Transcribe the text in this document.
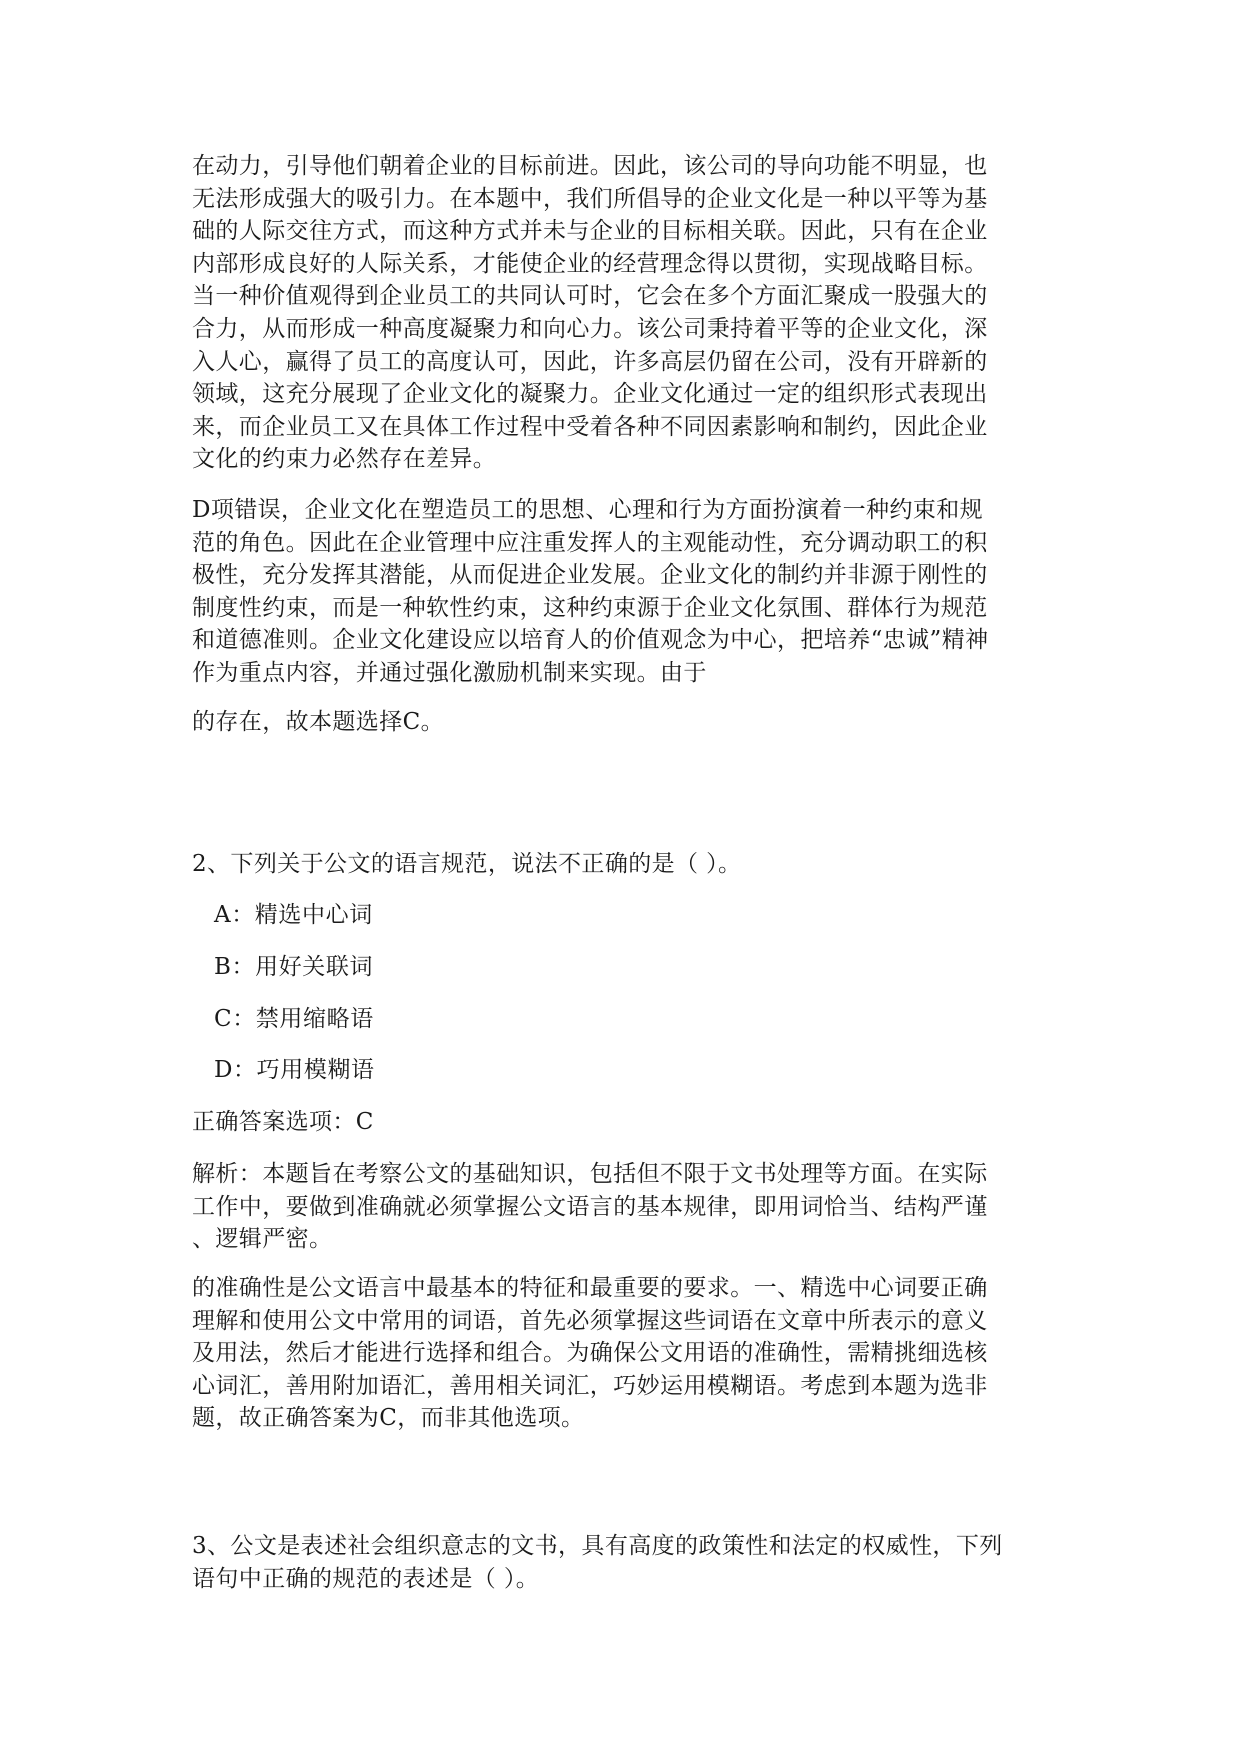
在动力，引导他们朝着企业的目标前进。因此，该公司的导向功能不明显，也
无法形成强大的吸引力。在本题中，我们所倡导的企业文化是一种以平等为基
础的人际交往方式，而这种方式并未与企业的目标相关联。因此，只有在企业
内部形成良好的人际关系，才能使企业的经营理念得以贯彻，实现战略目标。
当一种价值观得到企业员工的共同认可时，它会在多个方面汇聚成一股强大的
合力，从而形成一种高度凝聚力和向心力。该公司秉持着平等的企业文化，深
入人心，赢得了员工的高度认可，因此，许多高层仍留在公司，没有开辟新的
领域，这充分展现了企业文化的凝聚力。企业文化通过一定的组织形式表现出
来，而企业员工又在具体工作过程中受着各种不同因素影响和制约，因此企业
文化的约束力必然存在差异。
D项错误，企业文化在塑造员工的思想、心理和行为方面扮演着一种约束和规
范的角色。因此在企业管理中应注重发挥人的主观能动性，充分调动职工的积
极性，充分发挥其潜能，从而促进企业发展。企业文化的制约并非源于刚性的
制度性约束，而是一种软性约束，这种约束源于企业文化氛围、群体行为规范
和道德准则。企业文化建设应以培育人的价值观念为中心，把培养“忠诚”精神
作为重点内容，并通过强化激励机制来实现。由于
的存在，故本题选择C。
2、下列关于公文的语言规范，说法不正确的是（ ）。
A：精选中心词
B：用好关联词
C：禁用缩略语
D：巧用模糊语
正确答案选项：C
解析：本题旨在考察公文的基础知识，包括但不限于文书处理等方面。在实际
工作中，要做到准确就必须掌握公文语言的基本规律，即用词恰当、结构严谨
、逻辑严密。
的准确性是公文语言中最基本的特征和最重要的要求。一、精选中心词要正确
理解和使用公文中常用的词语，首先必须掌握这些词语在文章中所表示的意义
及用法，然后才能进行选择和组合。为确保公文用语的准确性，需精挑细选核
心词汇，善用附加语汇，善用相关词汇，巧妙运用模糊语。考虑到本题为选非
题，故正确答案为C，而非其他选项。
3、公文是表述社会组织意志的文书，具有高度的政策性和法定的权威性，下列
语句中正确的规范的表述是（ ）。
